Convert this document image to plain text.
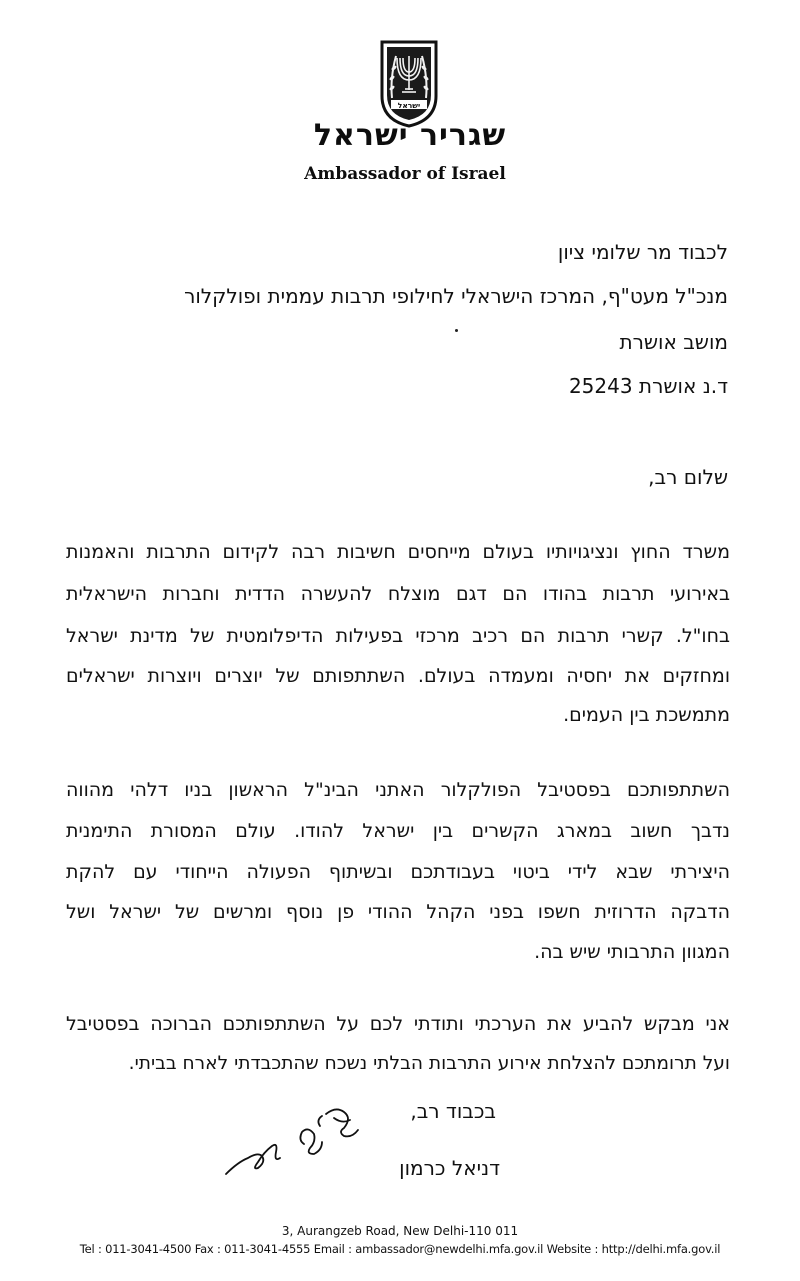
ישראל
שגריר ישראל
Ambassador of Israel
לכבוד מר שלומי ציון
מנכ"ל מעט"ף, המרכז הישראלי לחילופי תרבות עממית ופולקלור
מושב אושרת
ד.נ אושרת 25243
שלום רב,
משרד החוץ ונציגויותיו בעולם מייחסים חשיבות רבה לקידום התרבות והאמנות
באירועי תרבות בהודו הם דגם מוצלח להעשרה הדדית וחברות הישראלית
בחו"ל. קשרי תרבות הם רכיב מרכזי בפעילות הדיפלומטית של מדינת ישראל
ומחזקים את יחסיה ומעמדה בעולם. השתתפותם של יוצרים ויוצרות ישראלים
מתמשכת בין העמים.
השתתפותכם בפסטיבל הפולקלור האתני הבינ"ל הראשון בניו דלהי מהווה
נדבך חשוב במארג הקשרים בין ישראל להודו. עולם המסורת התימנית
היצירתי שבא לידי ביטוי בעבודתכם ובשיתוף הפעולה הייחודי עם להקת
הדבקה הדרוזית חשפו בפני הקהל ההודי פן נוסף ומרשים של ישראל ושל
המגוון התרבותי שיש בה.
אני מבקש להביע את הערכתי ותודתי לכם על השתתפותכם הברוכה בפסטיבל
ועל תרומתכם להצלחת אירוע התרבות הבלתי נשכח שהתכבדתי לארח בביתי.
בכבוד רב,
דניאל כרמון
3, Aurangzeb Road, New Delhi-110 011
Tel : 011-3041-4500 Fax : 011-3041-4555 Email : ambassador@newdelhi.mfa.gov.il Website : http://delhi.mfa.gov.il
